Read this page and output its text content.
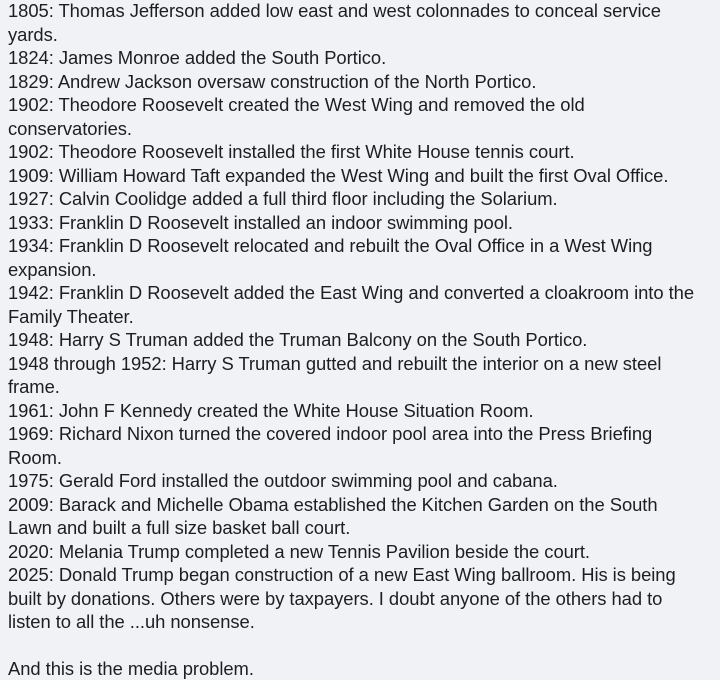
1805: Thomas Jefferson added low east and west colonnades to conceal service
yards.
1824: James Monroe added the South Portico.
1829: Andrew Jackson oversaw construction of the North Portico.
1902: Theodore Roosevelt created the West Wing and removed the old
conservatories.
1902: Theodore Roosevelt installed the first White House tennis court.
1909: William Howard Taft expanded the West Wing and built the first Oval Office.
1927: Calvin Coolidge added a full third floor including the Solarium.
1933: Franklin D Roosevelt installed an indoor swimming pool.
1934: Franklin D Roosevelt relocated and rebuilt the Oval Office in a West Wing
expansion.
1942: Franklin D Roosevelt added the East Wing and converted a cloakroom into the
Family Theater.
1948: Harry S Truman added the Truman Balcony on the South Portico.
1948 through 1952: Harry S Truman gutted and rebuilt the interior on a new steel
frame.
1961: John F Kennedy created the White House Situation Room.
1969: Richard Nixon turned the covered indoor pool area into the Press Briefing
Room.
1975: Gerald Ford installed the outdoor swimming pool and cabana.
2009: Barack and Michelle Obama established the Kitchen Garden on the South
Lawn and built a full size basket ball court.
2020: Melania Trump completed a new Tennis Pavilion beside the court.
2025: Donald Trump began construction of a new East Wing ballroom. His is being
built by donations. Others were by taxpayers. I doubt anyone of the others had to
listen to all the ...uh nonsense.
And this is the media problem.
